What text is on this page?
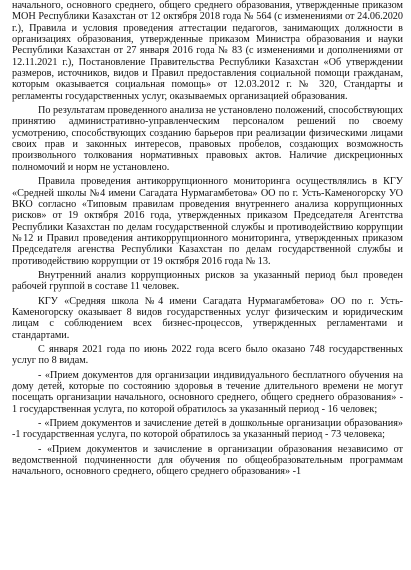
начального, основного среднего, общего среднего образования, утвержденные приказом МОН Республики Казахстан от 12 октября 2018 года № 564 (с изменениями от 24.06.2020 г.), Правила и условия проведения аттестации педагогов, занимающих должности в организациях образования, утвержденные приказом Министра образования и науки Республики Казахстан от 27 января 2016 года № 83 (с изменениями и дополнениями от 12.11.2021 г.), Постановление Правительства Республики Казахстан «Об утверждении размеров, источников, видов и Правил предоставления социальной помощи гражданам, которым оказывается социальная помощь» от 12.03.2012 г. № 320, Стандарты и регламенты государственных услуг, оказываемых организацией образования.

По результатам проведенного анализа не установлено положений, способствующих принятию административно-управленческим персоналом решений по своему усмотрению, способствующих созданию барьеров при реализации физическими лицами своих прав и законных интересов, правовых пробелов, создающих возможность произвольного толкования нормативных правовых актов. Наличие дискреционных полномочий и норм не установлено.

Правила проведения антикоррупционного мониторинга осуществлялись в КГУ «Средней школы №4 имени Сагадата Нурмагамбетова» ОО по г. Усть-Каменогорску УО ВКО согласно «Типовым правилам проведения внутреннего анализа коррупционных рисков» от 19 октября 2016 года, утвержденных приказом Председателя Агентства Республики Казахстан по делам государственной службы и противодействию коррупции №12 и Правил проведения антикоррупционного мониторинга, утвержденных приказом Председателя агенства Республики Казахстан по делам государственной службы и противодействию коррупции от 19 октября 2016 года № 13.

Внутренний анализ коррупционных рисков за указанный период был проведен рабочей группой в составе 11 человек.

КГУ «Средняя школа №4 имени Сагадата Нурмагамбетова» ОО по г. Усть-Каменогорску оказывает 8 видов государственных услуг физическим и юридическим лицам с соблюдением всех бизнес-процессов, утвержденных регламентами и стандартами.

С января 2021 года по июнь 2022 года всего было оказано 748 государственных услуг по 8 видам.

- «Прием документов для организации индивидуального бесплатного обучения на дому детей, которые по состоянию здоровья в течение длительного времени не могут посещать организации начального, основного среднего, общего среднего образования» - 1 государственная услуга, по которой обратилось за указанный период - 16 человек;

- «Прием документов и зачисление детей в дошкольные организации образования» -1 государственная услуга, по которой обратилось за указанный период - 73 человека;

- «Прием документов и зачисление в организации образования независимо от ведомственной подчиненности для обучения по общеобразовательным программам начального, основного среднего, общего среднего образования» -1
